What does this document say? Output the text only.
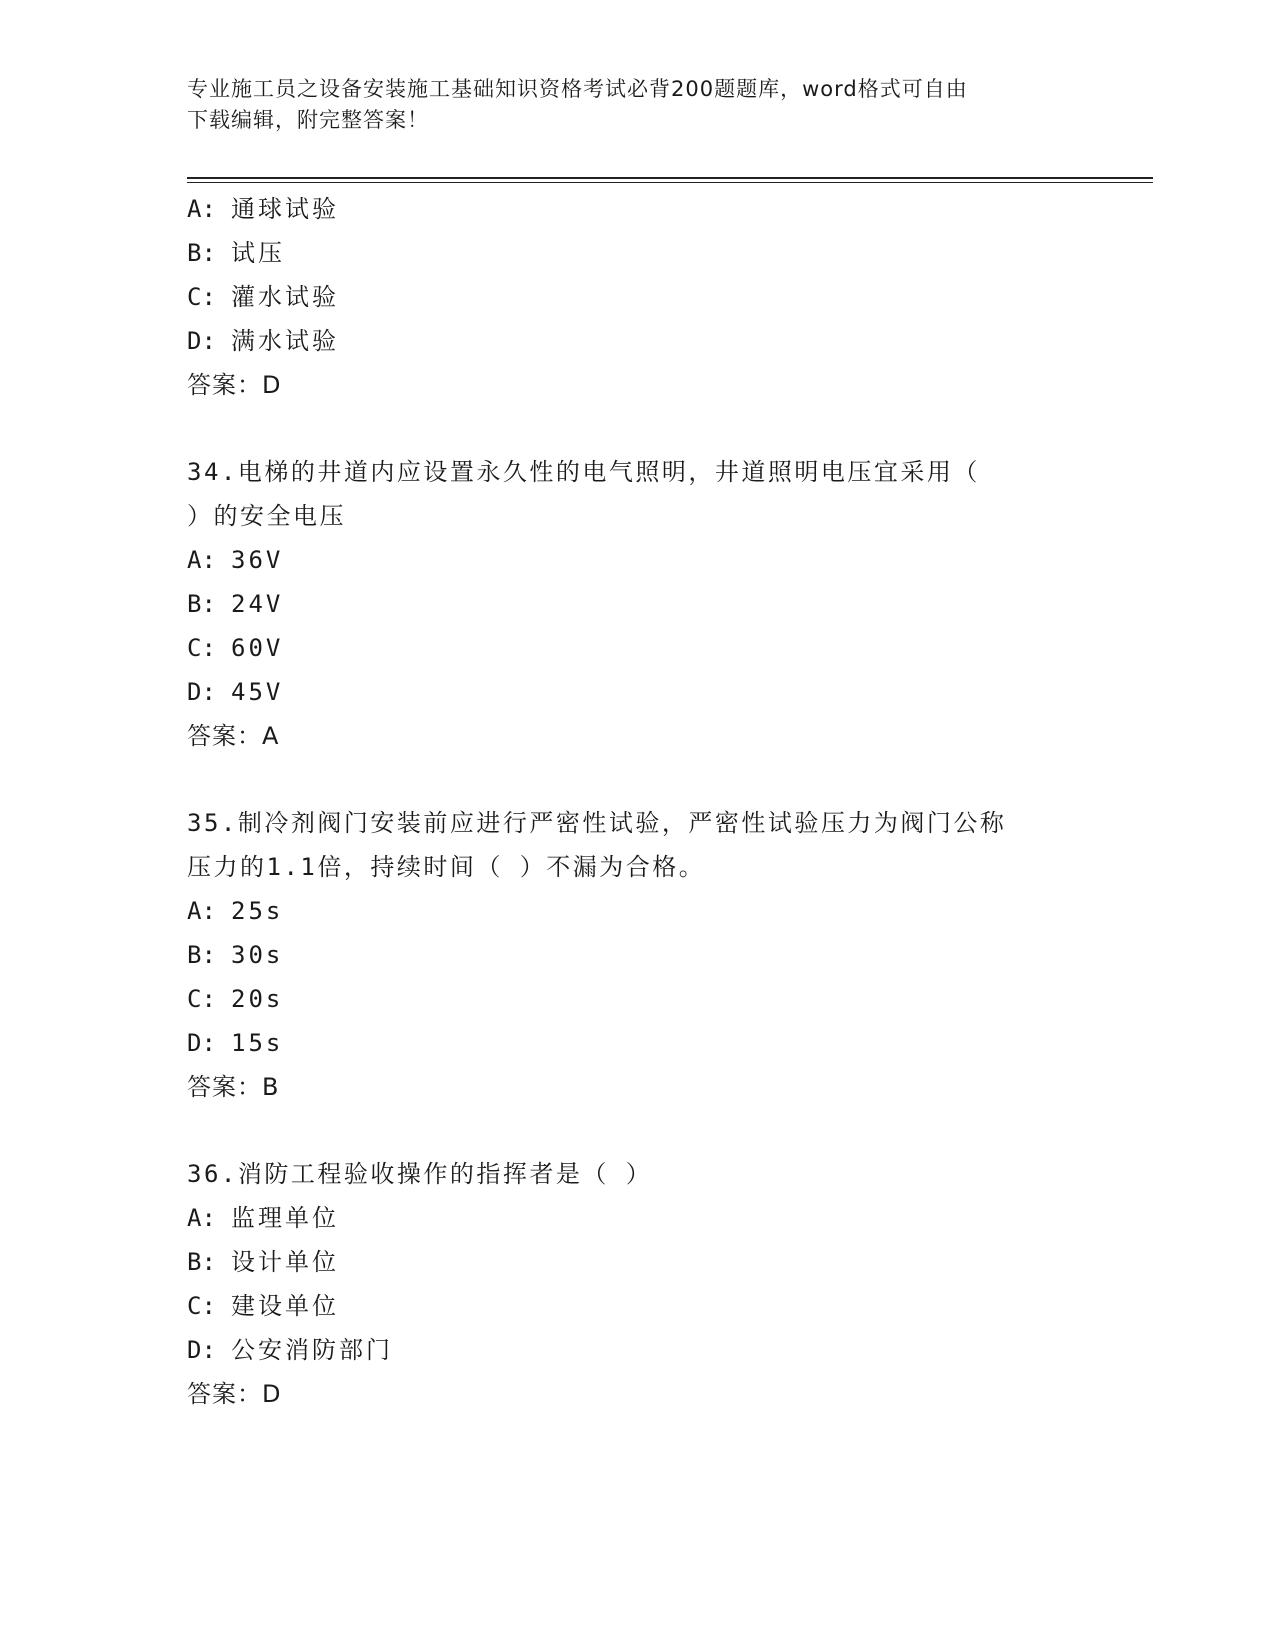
专业施工员之设备安装施工基础知识资格考试必背200题题库，word格式可自由
下载编辑，附完整答案！
A: 通球试验
B: 试压
C: 灌水试验
D: 满水试验
答案：D
34.电梯的井道内应设置永久性的电气照明，井道照明电压宜采用（
）的安全电压
A: 36V
B: 24V
C: 60V
D: 45V
答案：A
35.制冷剂阀门安装前应进行严密性试验，严密性试验压力为阀门公称
压力的1.1倍，持续时间（ ）不漏为合格。
A: 25s
B: 30s
C: 20s
D: 15s
答案：B
36.消防工程验收操作的指挥者是（ ）
A: 监理单位
B: 设计单位
C: 建设单位
D: 公安消防部门
答案：D
